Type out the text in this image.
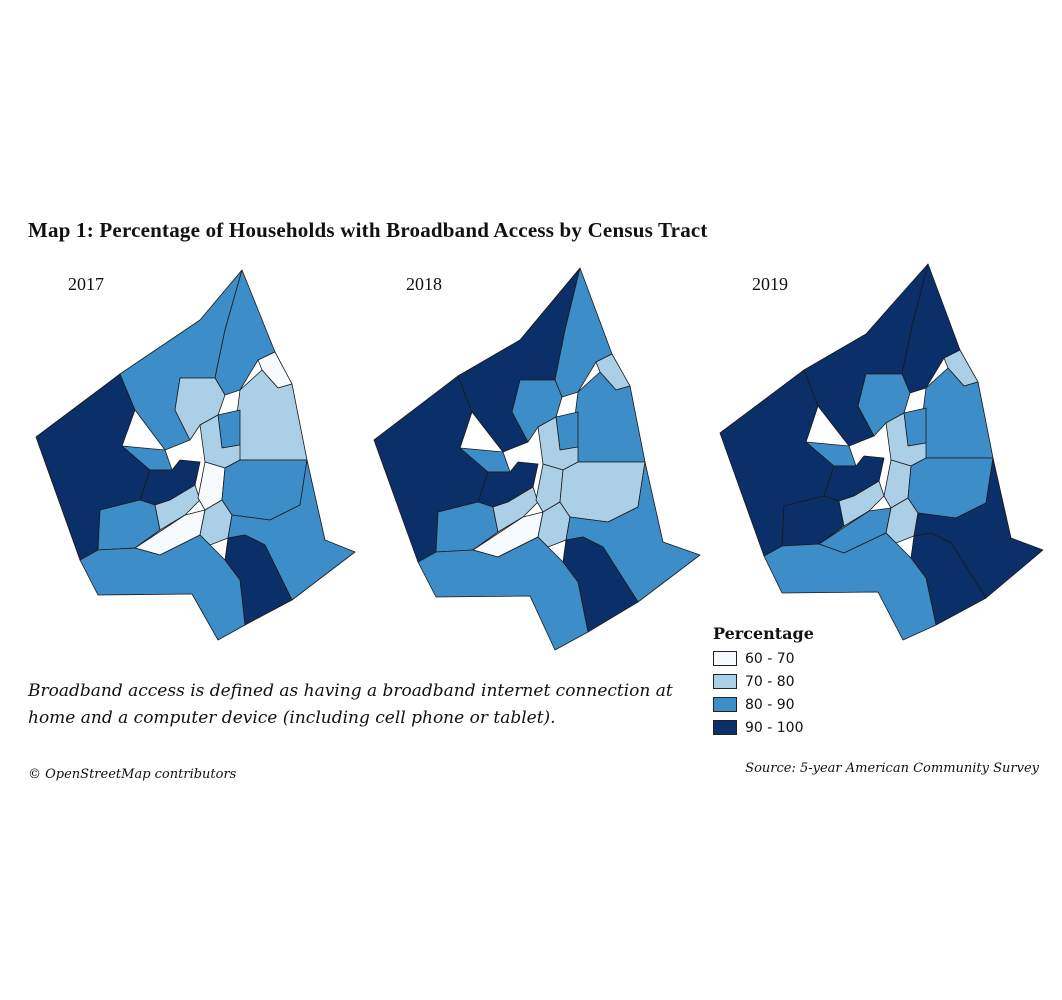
Map 1: Percentage of Households with Broadband Access by Census Tract
2017	2018	2019
Percentage
60 - 70
70 - 80
80 - 90
90 - 100
Broadband access is defined as having a broadband internet connection at home and a computer device (including cell phone or tablet).
© OpenStreetMap contributors	Source: 5-year American Community Survey
